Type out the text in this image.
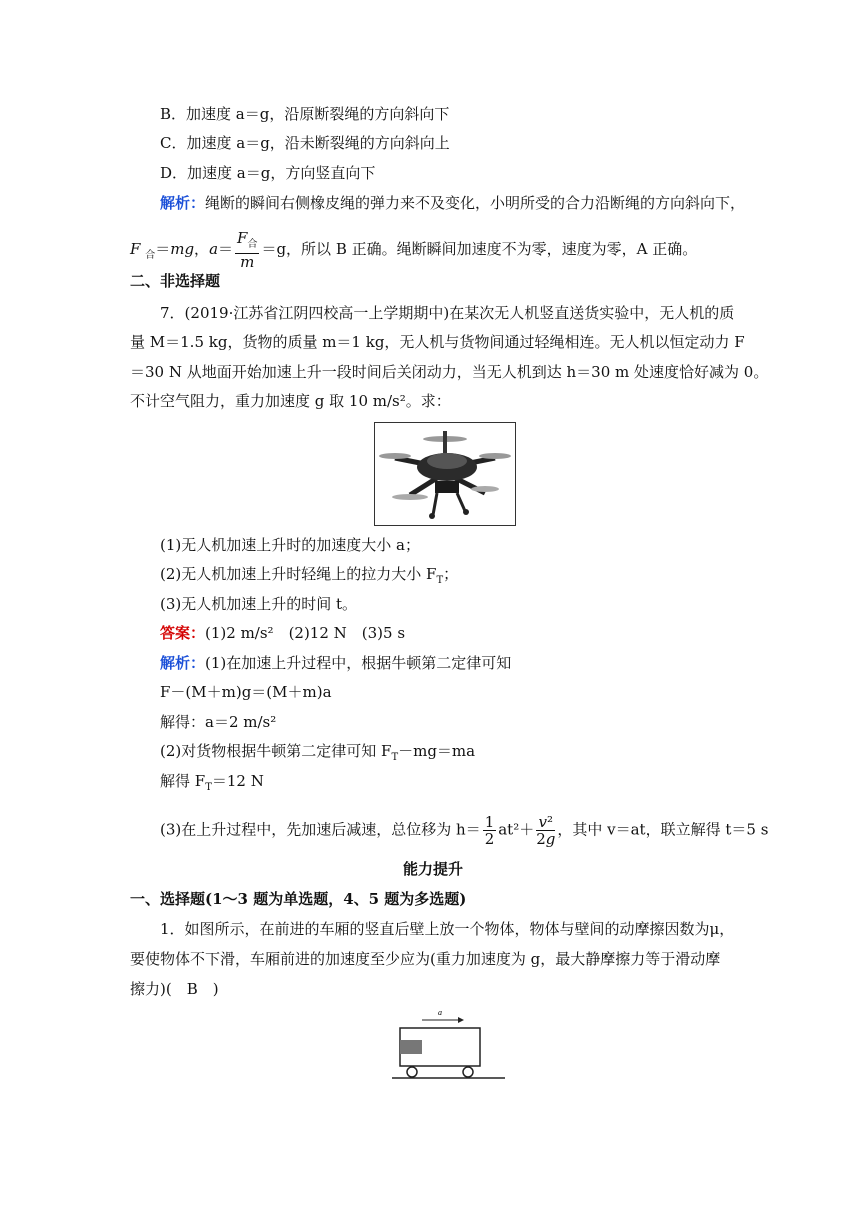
B．加速度 a＝g，沿原断裂绳的方向斜向下
C．加速度 a＝g，沿未断裂绳的方向斜向上
D．加速度 a＝g，方向竖直向下
解析：绳断的瞬间右侧橡皮绳的弹力来不及变化，小明所受的合力沿断绳的方向斜向下，
F $_合$＝mg，$a= \frac{F_合}{m} =g$，所以 B 正确。绳断瞬间加速度不为零，速度为零，A 正确。
二、非选择题
7．(2019·江苏省江阴四校高一上学期期中)在某次无人机竖直送货实验中，无人机的质
量 M＝1.5 kg，货物的质量 m＝1 kg，无人机与货物间通过轻绳相连。无人机以恒定动力 F
＝30 N 从地面开始加速上升一段时间后关闭动力，当无人机到达 h＝30 m 处速度恰好减为 0。
不计空气阻力，重力加速度 g 取 10 m/s²。求：
(1)无人机加速上升时的加速度大小 a；
(2)无人机加速上升时轻绳上的拉力大小 $F_T$；
(3)无人机加速上升的时间 t。
答案：(1)2 m/s²　(2)12 N　(3)5 s
解析：(1)在加速上升过程中，根据牛顿第二定律可知
F－(M＋m)g＝(M＋m)a
解得：a＝2 m/s²
(2)对货物根据牛顿第二定律可知 $F_T-mg=ma$
解得 $F_T=12$ N
(3)在上升过程中，先加速后减速，总位移为 $h= \frac{1}{2} at^2+ \frac{\text{v²}}{2g}$ ，其中 v＝at，联立解得 t＝5 s
能力提升
一、选择题(1～3 题为单选题，4、5 题为多选题)
1．如图所示，在前进的车厢的竖直后壁上放一个物体，物体与壁间的动摩擦因数为μ，
要使物体不下滑，车厢前进的加速度至少应为(重力加速度为 g，最大静摩擦力等于滑动摩
擦力)(　B　)
a
